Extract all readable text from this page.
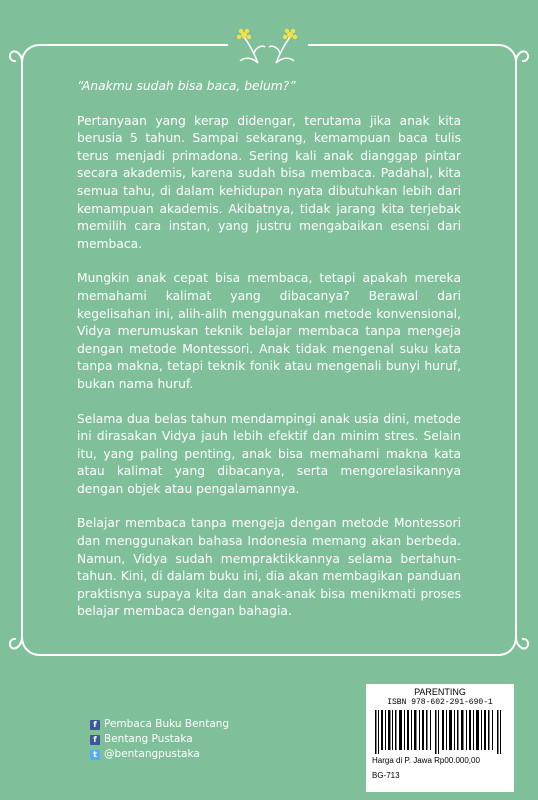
“Anakmu sudah bisa baca, belum?”

Pertanyaan yang kerap didengar, terutama jika anak kita berusia 5 tahun. Sampai sekarang, kemampuan baca tulis terus menjadi primadona. Sering kali anak dianggap pintar secara akademis, karena sudah bisa membaca. Padahal, kita semua tahu, di dalam kehidupan nyata dibutuhkan lebih dari kemampuan akademis. Akibatnya, tidak jarang kita terjebak memilih cara instan, yang justru mengabaikan esensi dari membaca.

Mungkin anak cepat bisa membaca, tetapi apakah mereka memahami kalimat yang dibacanya? Berawal dari kegelisahan ini, alih-alih menggunakan metode konvensional, Vidya merumuskan teknik belajar membaca tanpa mengeja dengan metode Montessori. Anak tidak mengenal suku kata tanpa makna, tetapi teknik fonik atau mengenali bunyi huruf, bukan nama huruf.

Selama dua belas tahun mendampingi anak usia dini, metode ini dirasakan Vidya jauh lebih efektif dan minim stres. Selain itu, yang paling penting, anak bisa memahami makna kata atau kalimat yang dibacanya, serta mengorelasikannya dengan objek atau pengalamannya.

Belajar membaca tanpa mengeja dengan metode Montessori dan menggunakan bahasa Indonesia memang akan berbeda. Namun, Vidya sudah mempraktikkannya selama bertahun-tahun. Kini, di dalam buku ini, dia akan membagikan panduan praktisnya supaya kita dan anak-anak bisa menikmati proses belajar membaca dengan bahagia.

f Pembaca Buku Bentang
f Bentang Pustaka
t @bentangpustaka
PARENTING
ISBN 978-602-291-690-1
Harga di P. Jawa Rp00.000,00
BG-713
